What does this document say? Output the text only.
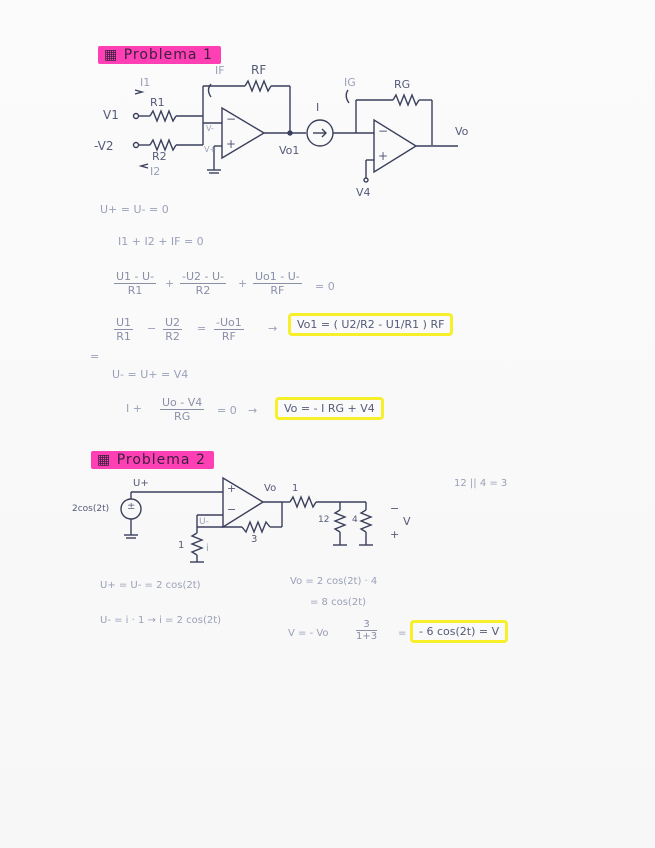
▦ Problema 1
RF
IF
I1
R1
V1
-V2
R2
I2
V-
V+
−
+	Vo1
I
IG	RG
−
+
Vo
V4
U+ = U- = 0
I1 + I2 + IF = 0
$\frac{U1 - U-}{R1} + \frac{-U2 - U-}{R2} + \frac{Uo1 - U-}{RF} = 0$
$\frac{U1}{R1} - \frac{U2}{R2} = \frac{-Uo1}{RF}$ →	Vo1 = ( U2/R2 - U1/R1 ) RF
=
U- = U+ = V4
$I + \frac{Uo - V4}{RG} = 0$ →	Vo = - I RG + V4
▦ Problema 2
U+	Vo 1
2cos(2t) ±
+
−
U-
3
1 i
12	4
−
V
+
12 || 4 = 3
U+ = U- = 2 cos(2t)
U- = i · 1 → i = 2 cos(2t)
Vo = 2 cos(2t) · 4
= 8 cos(2t)
V = - Vo	$\frac{3}{1+3}$ =	- 6 cos(2t) = V
